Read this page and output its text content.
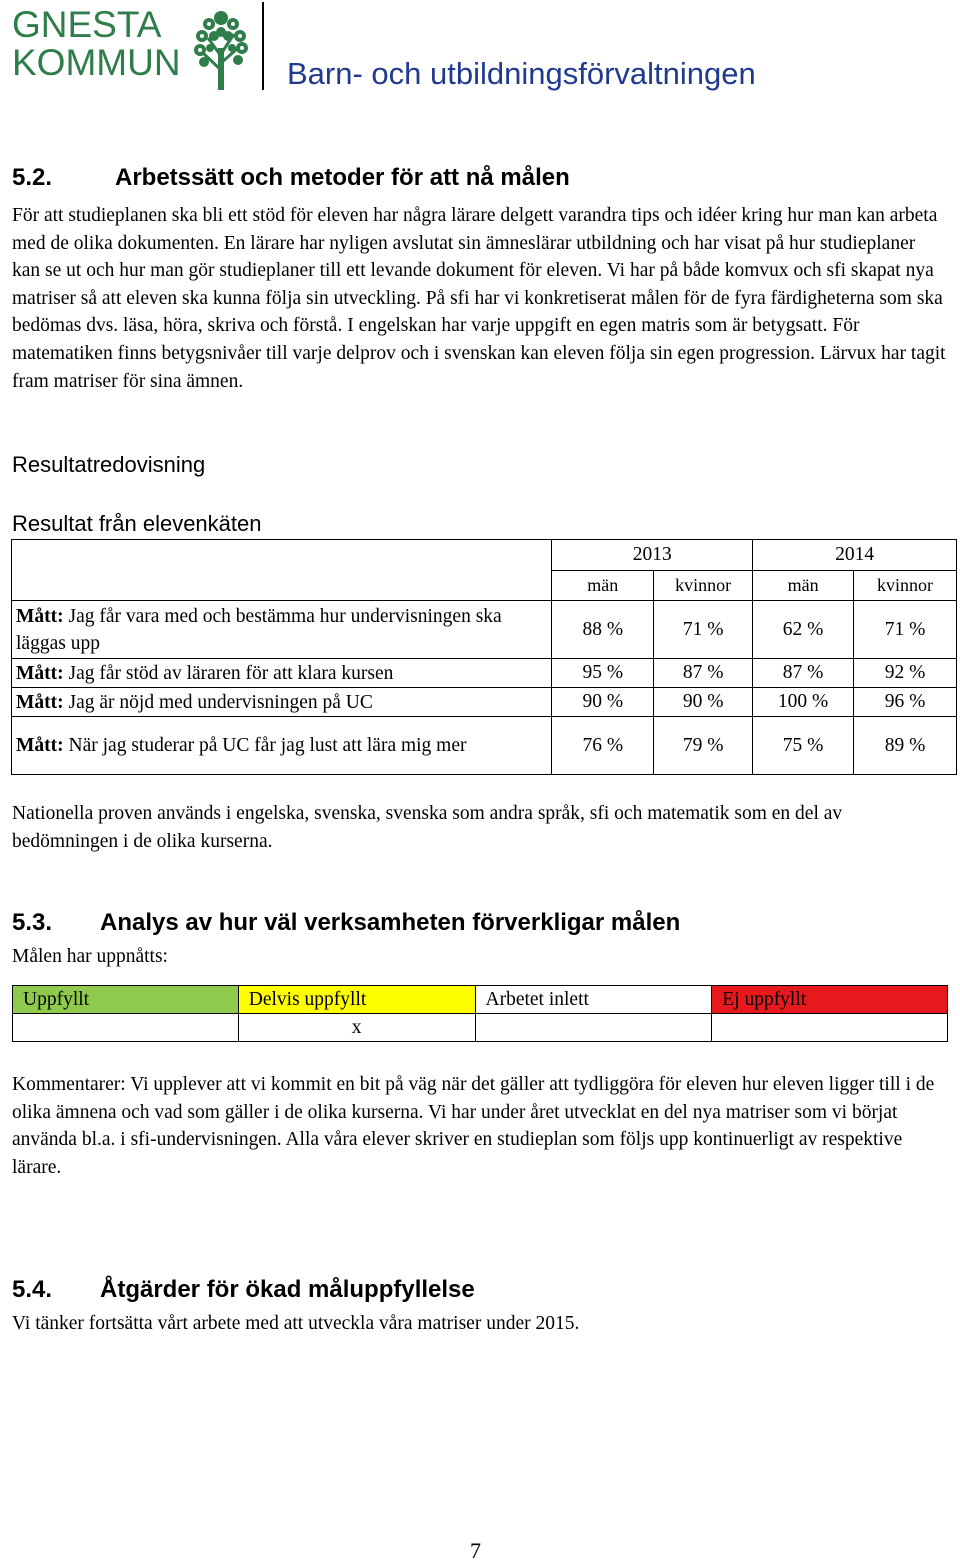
GNESTA
KOMMUN	Barn- och utbildningsförvaltningen
5.2.	Arbetssätt och metoder för att nå målen
För att studieplanen ska bli ett stöd för eleven har några lärare delgett varandra tips och idéer kring hur man kan arbeta med de olika dokumenten. En lärare har nyligen avslutat sin ämneslärar utbildning och har visat på hur studieplaner kan se ut och hur man gör studieplaner till ett levande dokument för eleven. Vi har på både komvux och sfi skapat nya matriser så att eleven ska kunna följa sin utveckling. På sfi har vi konkretiserat målen för de fyra färdigheterna som ska bedömas dvs. läsa, höra, skriva och förstå. I engelskan har varje uppgift en egen matris som är betygsatt. För matematiken finns betygsnivåer till varje delprov och i svenskan kan eleven följa sin egen progression. Lärvux har tagit fram matriser för sina ämnen.
Resultatredovisning
Resultat från elevenkäten
	2013		2014	
	män	kvinnor	män	kvinnor
Mått: Jag får vara med och bestämma hur undervisningen ska läggas upp	88 %	71 %	62 %	71 %
Mått: Jag får stöd av läraren för att klara kursen	95 %	87 %	87 %	92 %
Mått: Jag är nöjd med undervisningen på UC	90 %	90 %	100 %	96 %
Mått: När jag studerar på UC får jag lust att lära mig mer	76 %	79 %	75 %	89 %
Nationella proven används i engelska, svenska, svenska som andra språk, sfi och matematik som en del av bedömningen i de olika kurserna.
5.3. Analys av hur väl verksamheten förverkligar målen
Målen har uppnåtts:
Uppfyllt	Delvis uppfyllt	Arbetet inlett	Ej uppfyllt
	x		
Kommentarer: Vi upplever att vi kommit en bit på väg när det gäller att tydliggöra för eleven hur eleven ligger till i de olika ämnena och vad som gäller i de olika kurserna. Vi har under året utvecklat en del nya matriser som vi börjat använda bl.a. i sfi-undervisningen. Alla våra elever skriver en studieplan som följs upp kontinuerligt av respektive lärare.
5.4. Åtgärder för ökad måluppfyllelse
Vi tänker fortsätta vårt arbete med att utveckla våra matriser under 2015.
7
